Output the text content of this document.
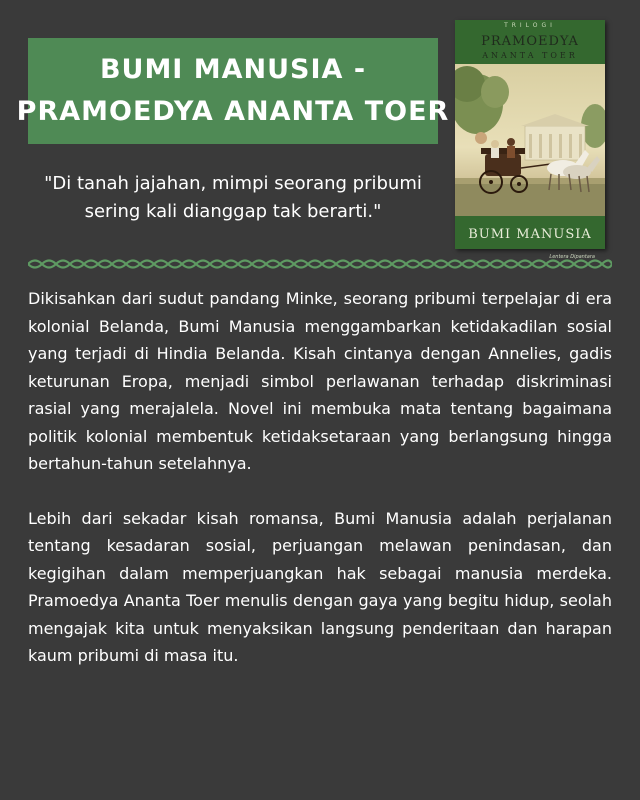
BUMI MANUSIA -
PRAMOEDYA ANANTA TOER
"Di tanah jajahan, mimpi seorang pribumi
sering kali dianggap tak berarti."
TRILOGI
PRAMOEDYA
ANANTA TOER
BUMI MANUSIA
Lentera Dipantara

Dikisahkan dari sudut pandang Minke, seorang pribumi terpelajar di era kolonial Belanda, Bumi Manusia menggambarkan ketidakadilan sosial yang terjadi di Hindia Belanda. Kisah cintanya dengan Annelies, gadis keturunan Eropa, menjadi simbol perlawanan terhadap diskriminasi rasial yang merajalela. Novel ini membuka mata tentang bagaimana politik kolonial membentuk ketidaksetaraan yang berlangsung hingga bertahun-tahun setelahnya.

Lebih dari sekadar kisah romansa, Bumi Manusia adalah perjalanan tentang kesadaran sosial, perjuangan melawan penindasan, dan kegigihan dalam memperjuangkan hak sebagai manusia merdeka. Pramoedya Ananta Toer menulis dengan gaya yang begitu hidup, seolah mengajak kita untuk menyaksikan langsung penderitaan dan harapan kaum pribumi di masa itu.
